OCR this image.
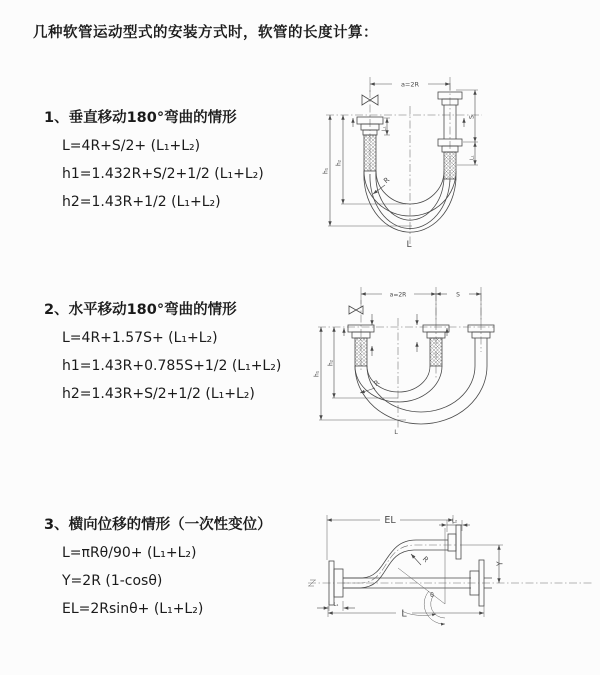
几种软管运动型式的安装方式时，软管的长度计算：
1、垂直移动180°弯曲的情形
L=4R+S/2+ (L₁+L₂)
h1=1.432R+S/2+1/2 (L₁+L₂)
h2=1.43R+1/2 (L₁+L₂)
2、水平移动180°弯曲的情形
L=4R+1.57S+ (L₁+L₂)
h1=1.43R+0.785S+1/2 (L₁+L₂)
h2=1.43R+S/2+1/2 (L₁+L₂)
3、横向位移的情形（一次性变位）
L=πRθ/90+ (L₁+L₂)
Y=2R (1-cosθ)
EL=2Rsinθ+ (L₁+L₂)
a=2R
h₁
h₂
L₁
S
L₁
R
L
a=2R	S
h₁
h₂
R
L
EL	L₂
Y
L
L₁
R
θ
